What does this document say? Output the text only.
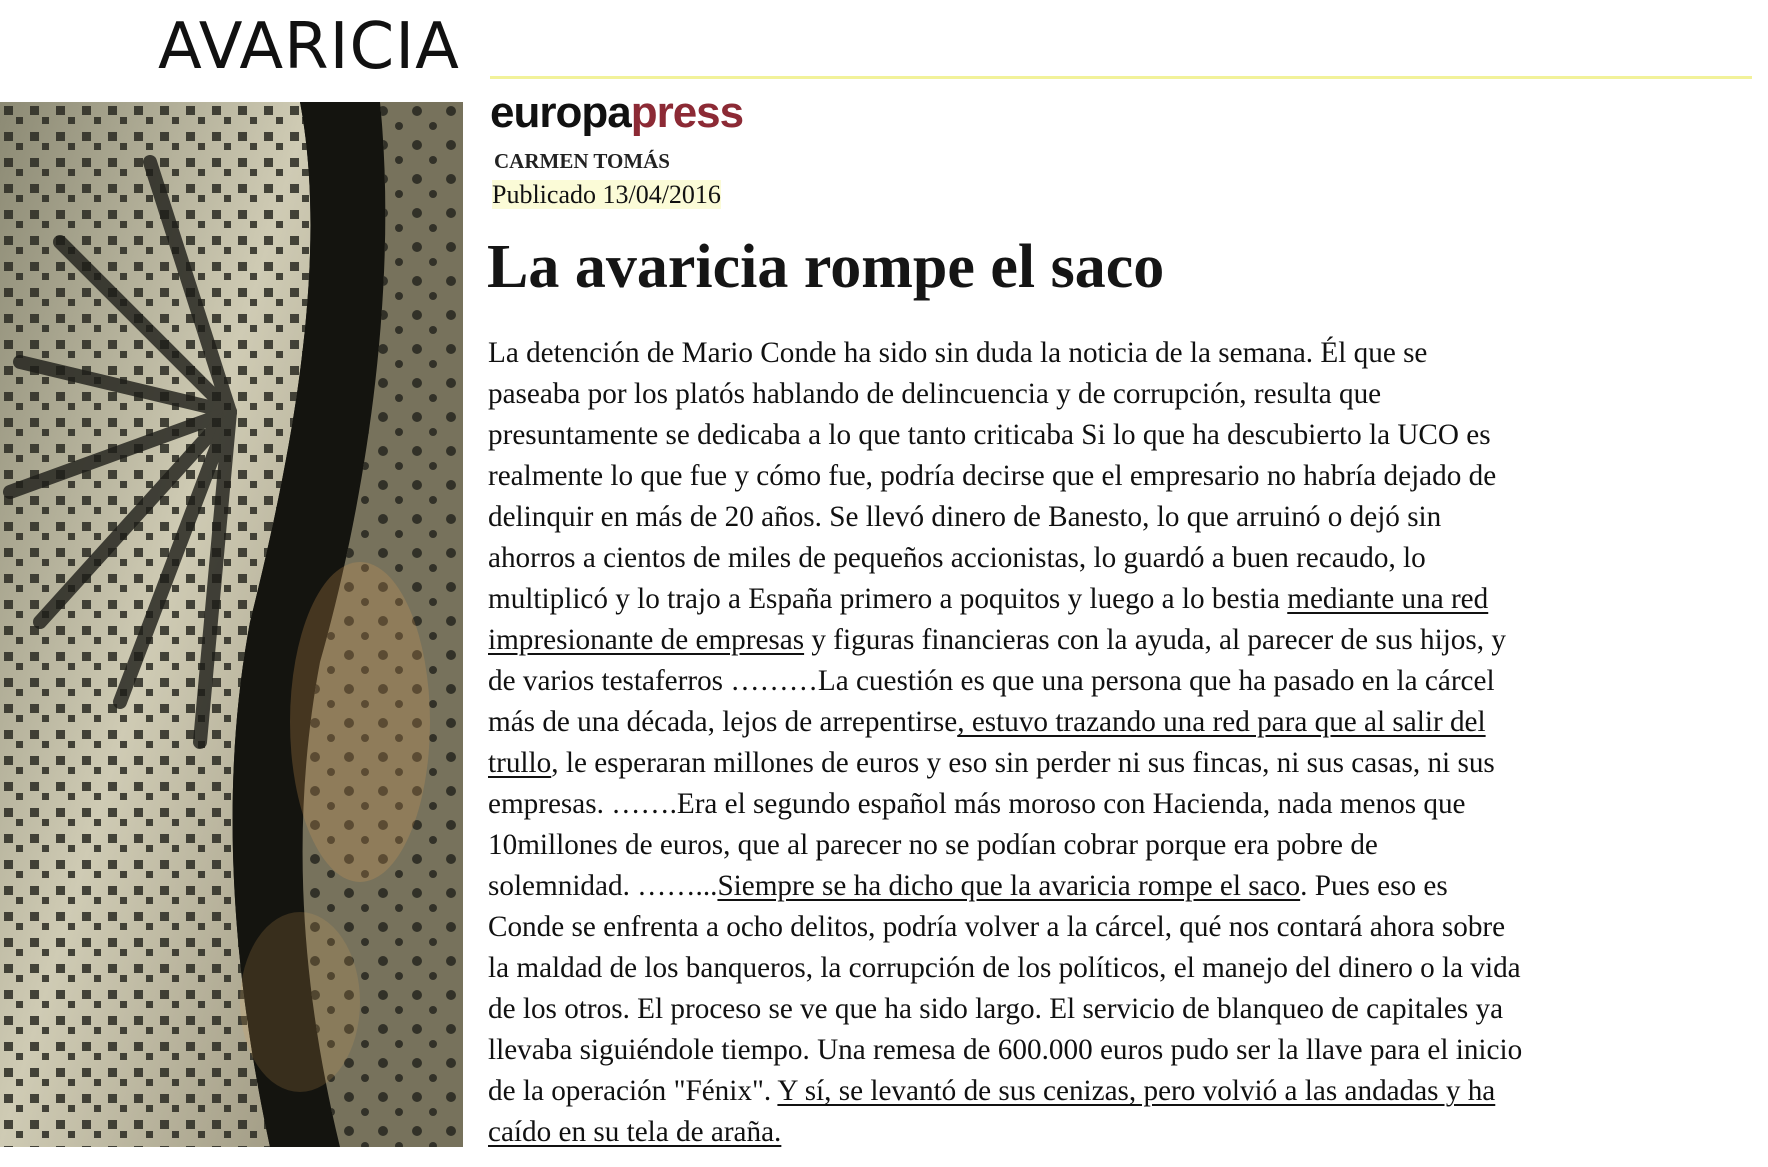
AVARICIA
europapress
CARMEN TOMÁS
Publicado 13/04/2016
La avaricia rompe el saco
La detención de Mario Conde ha sido sin duda la noticia de la semana. Él que se
paseaba por los platós hablando de delincuencia y de corrupción, resulta que
presuntamente se dedicaba a lo que tanto criticaba Si lo que ha descubierto la UCO es
realmente lo que fue y cómo fue, podría decirse que el empresario no habría dejado de
delinquir en más de 20 años. Se llevó dinero de Banesto, lo que arruinó o dejó sin
ahorros a cientos de miles de pequeños accionistas, lo guardó a buen recaudo, lo
multiplicó y lo trajo a España primero a poquitos y luego a lo bestia mediante una red
impresionante de empresas y figuras financieras con la ayuda, al parecer de sus hijos, y
de varios testaferros ………La cuestión es que una persona que ha pasado en la cárcel
más de una década, lejos de arrepentirse, estuvo trazando una red para que al salir del
trullo, le esperaran millones de euros y eso sin perder ni sus fincas, ni sus casas, ni sus
empresas. …….Era el segundo español más moroso con Hacienda, nada menos que
10millones de euros, que al parecer no se podían cobrar porque era pobre de
solemnidad. ……...Siempre se ha dicho que la avaricia rompe el saco. Pues eso es
Conde se enfrenta a ocho delitos, podría volver a la cárcel, qué nos contará ahora sobre
la maldad de los banqueros, la corrupción de los políticos, el manejo del dinero o la vida
de los otros. El proceso se ve que ha sido largo. El servicio de blanqueo de capitales ya
llevaba siguiéndole tiempo. Una remesa de 600.000 euros pudo ser la llave para el inicio
de la operación "Fénix". Y sí, se levantó de sus cenizas, pero volvió a las andadas y ha
caído en su tela de araña.
